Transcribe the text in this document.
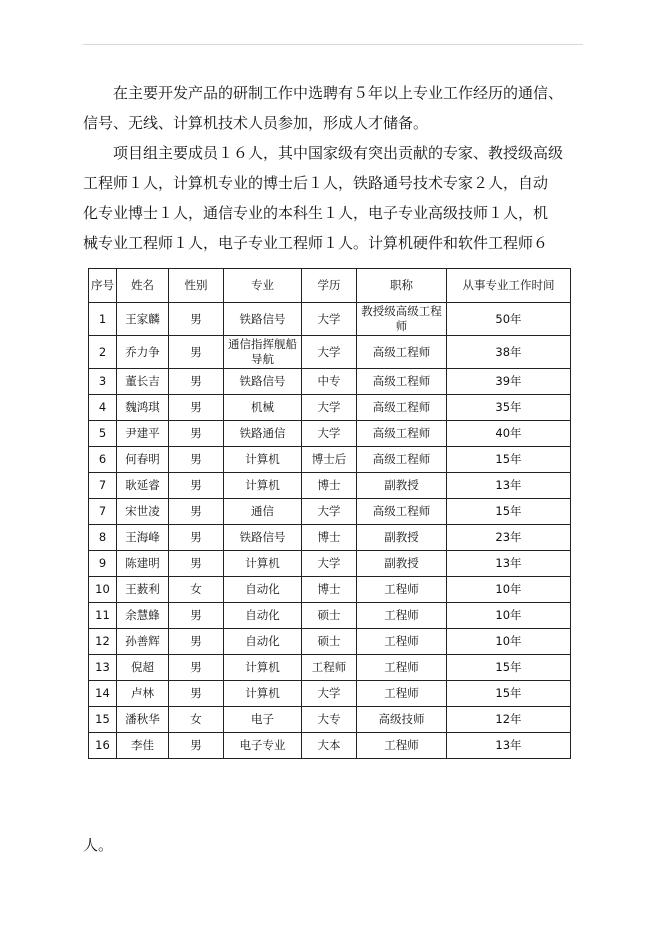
在主要开发产品的研制工作中选聘有５年以上专业工作经历的通信、
信号、无线、计算机技术人员参加，形成人才储备。

项目组主要成员１６人，其中国家级有突出贡献的专家、教授级高级
工程师１人，计算机专业的博士后１人，铁路通号技术专家２人，自动
化专业博士１人，通信专业的本科生１人，电子专业高级技师１人，机
械专业工程师１人，电子专业工程师１人。计算机硬件和软件工程师６

序号	姓名	性别	专业	学历	职称	从事专业工作时间
1	王家麟	男	铁路信号	大学	教授级高级工程师	50年
2	乔力争	男	通信指挥舰船导航	大学	高级工程师	38年
3	董长吉	男	铁路信号	中专	高级工程师	39年
4	魏鸿琪	男	机械	大学	高级工程师	35年
5	尹建平	男	铁路通信	大学	高级工程师	40年
6	何春明	男	计算机	博士后	高级工程师	15年
7	耿延睿	男	计算机	博士	副教授	13年
7	宋世凌	男	通信	大学	高级工程师	15年
8	王海峰	男	铁路信号	博士	副教授	23年
9	陈建明	男	计算机	大学	副教授	13年
10	王薮利	女	自动化	博士	工程师	10年
11	余慧蜂	男	自动化	硕士	工程师	10年
12	孙善辉	男	自动化	硕士	工程师	10年
13	倪超	男	计算机	工程师	工程师	15年
14	卢林	男	计算机	大学	工程师	15年
15	潘秋华	女	电子	大专	高级技师	12年
16	李佳	男	电子专业	大本	工程师	13年
人。
